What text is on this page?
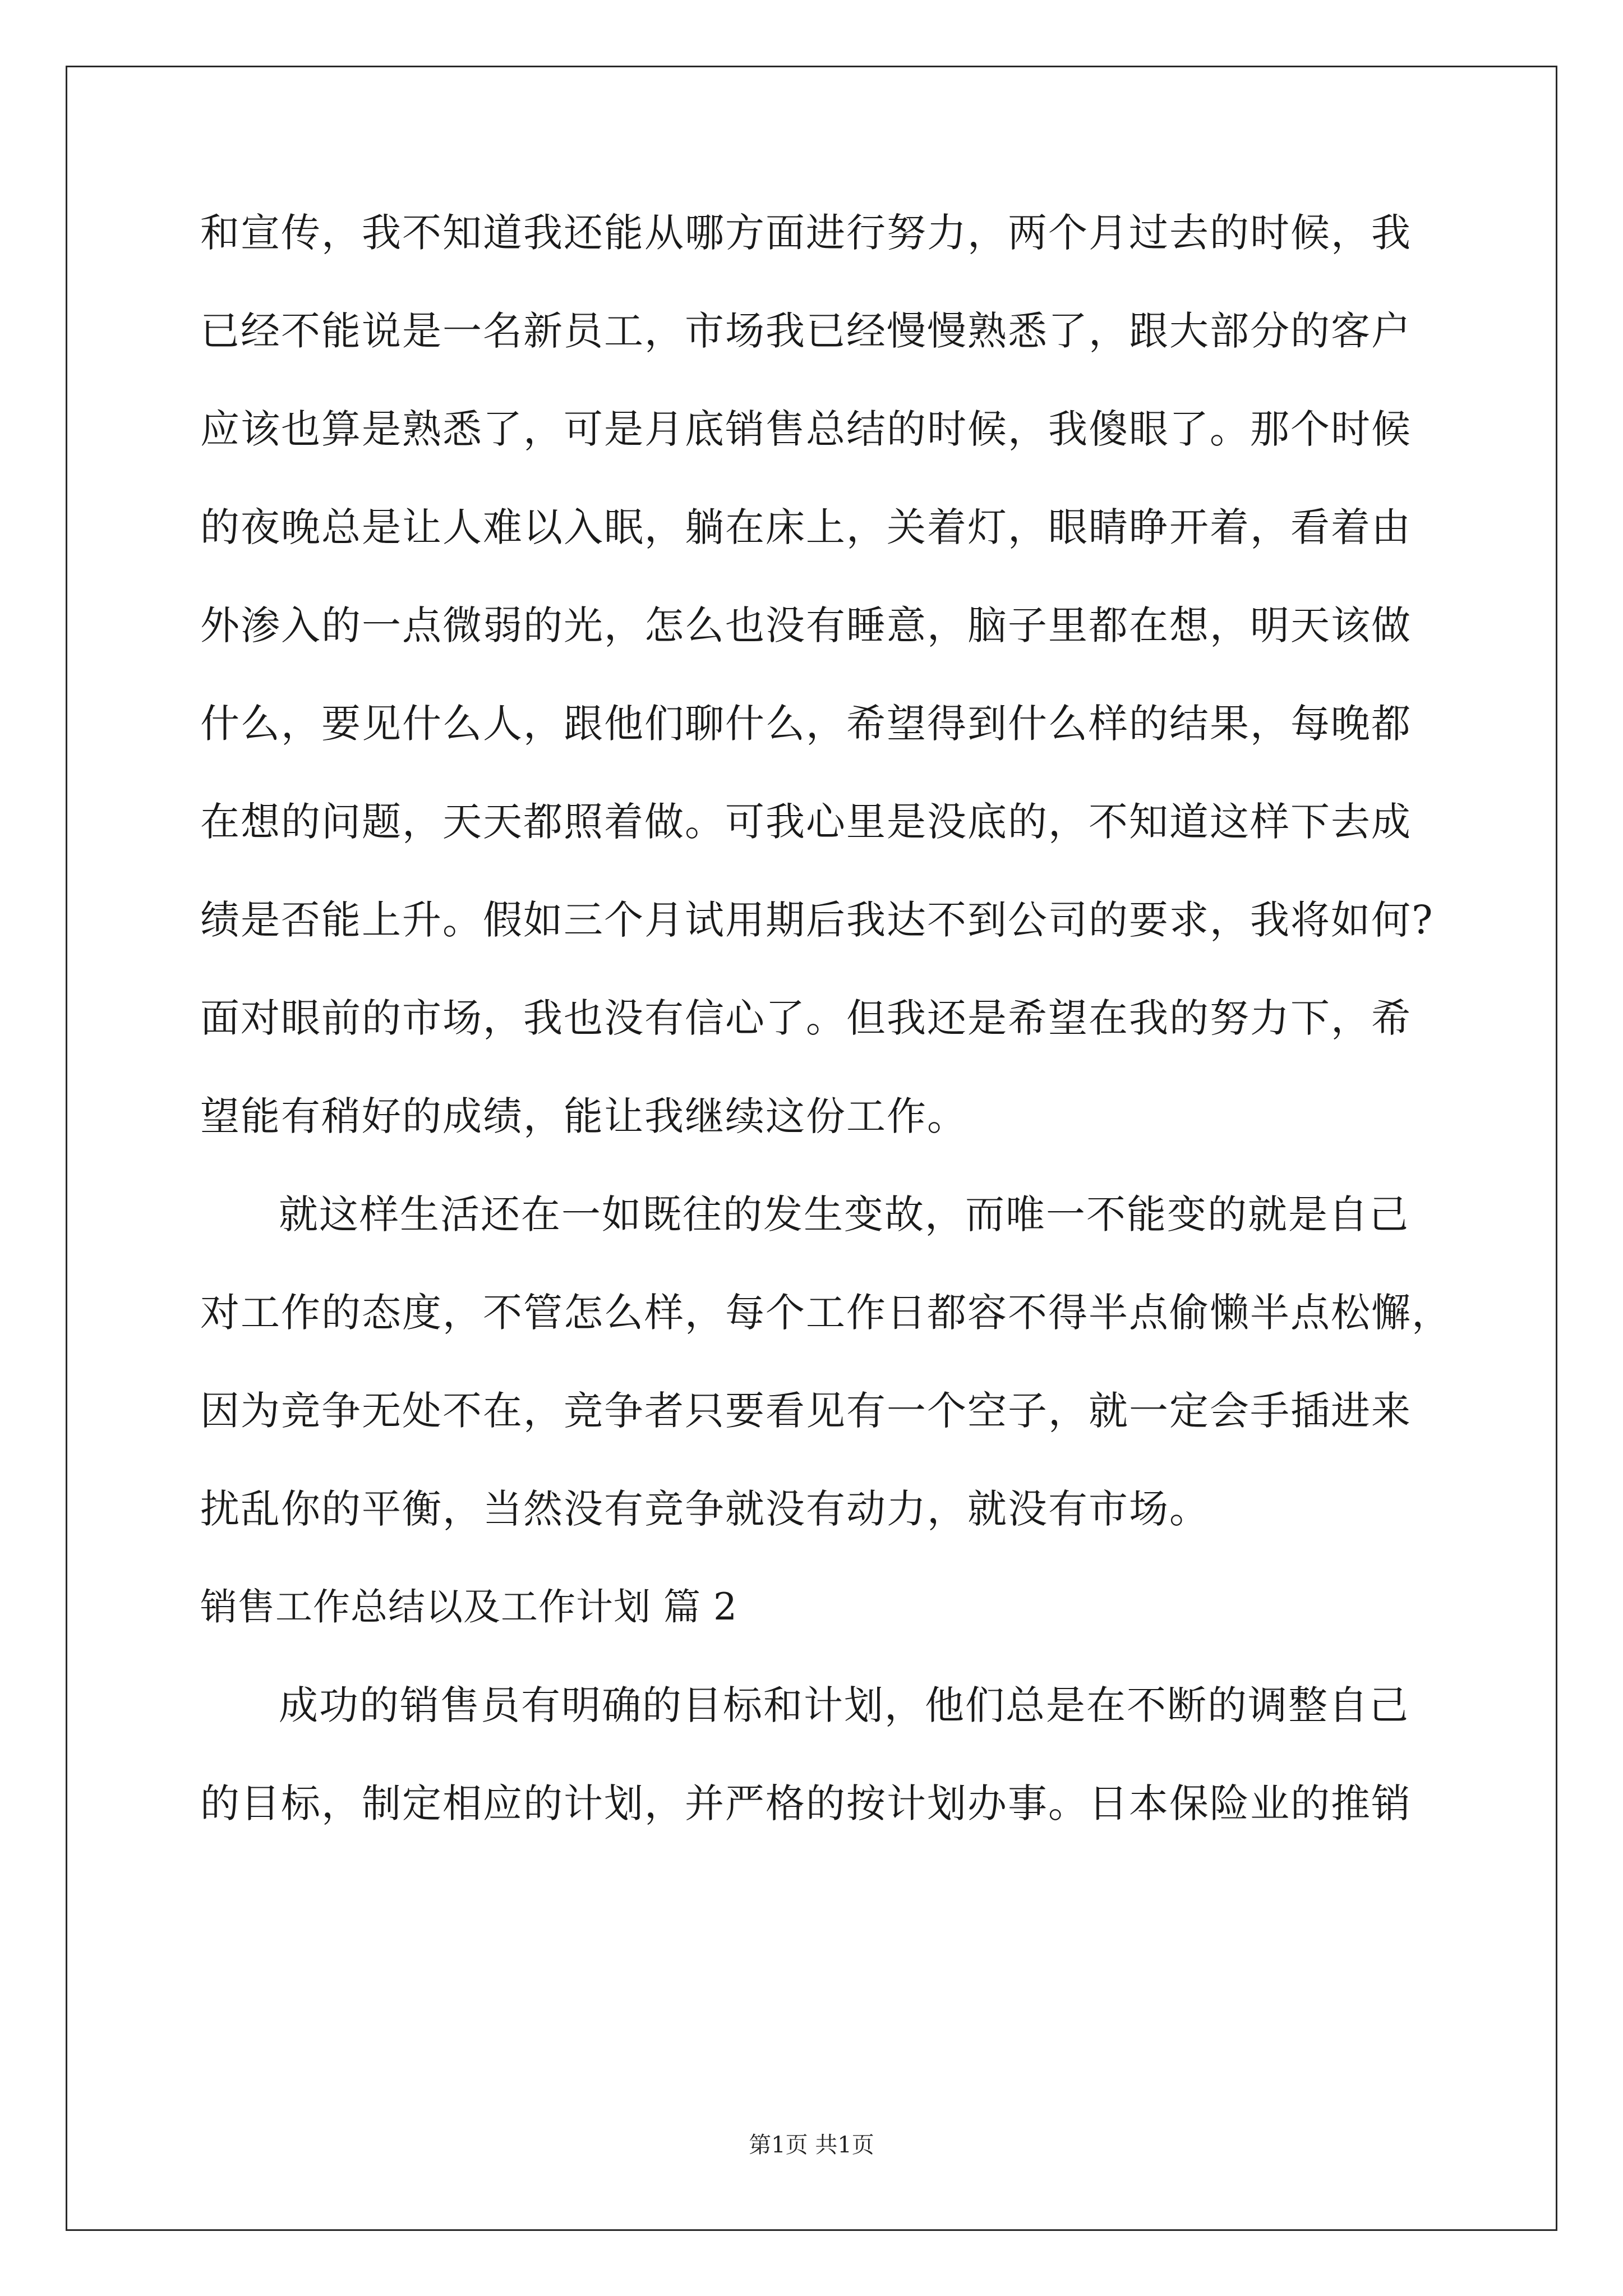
和宣传，我不知道我还能从哪方面进行努力，两个月过去的时候，我
已经不能说是一名新员工，市场我已经慢慢熟悉了，跟大部分的客户
应该也算是熟悉了，可是月底销售总结的时候，我傻眼了。那个时候
的夜晚总是让人难以入眠，躺在床上，关着灯，眼睛睁开着，看着由
外渗入的一点微弱的光，怎么也没有睡意，脑子里都在想，明天该做
什么，要见什么人，跟他们聊什么，希望得到什么样的结果，每晚都
在想的问题，天天都照着做。可我心里是没底的，不知道这样下去成
绩是否能上升。假如三个月试用期后我达不到公司的要求，我将如何?
面对眼前的市场，我也没有信心了。但我还是希望在我的努力下，希
望能有稍好的成绩，能让我继续这份工作。
就这样生活还在一如既往的发生变故，而唯一不能变的就是自己
对工作的态度，不管怎么样，每个工作日都容不得半点偷懒半点松懈，
因为竞争无处不在，竞争者只要看见有一个空子，就一定会手插进来
扰乱你的平衡，当然没有竞争就没有动力，就没有市场。
销售工作总结以及工作计划 篇 2
成功的销售员有明确的目标和计划，他们总是在不断的调整自己
的目标，制定相应的计划，并严格的按计划办事。日本保险业的推销
第1页 共1页
